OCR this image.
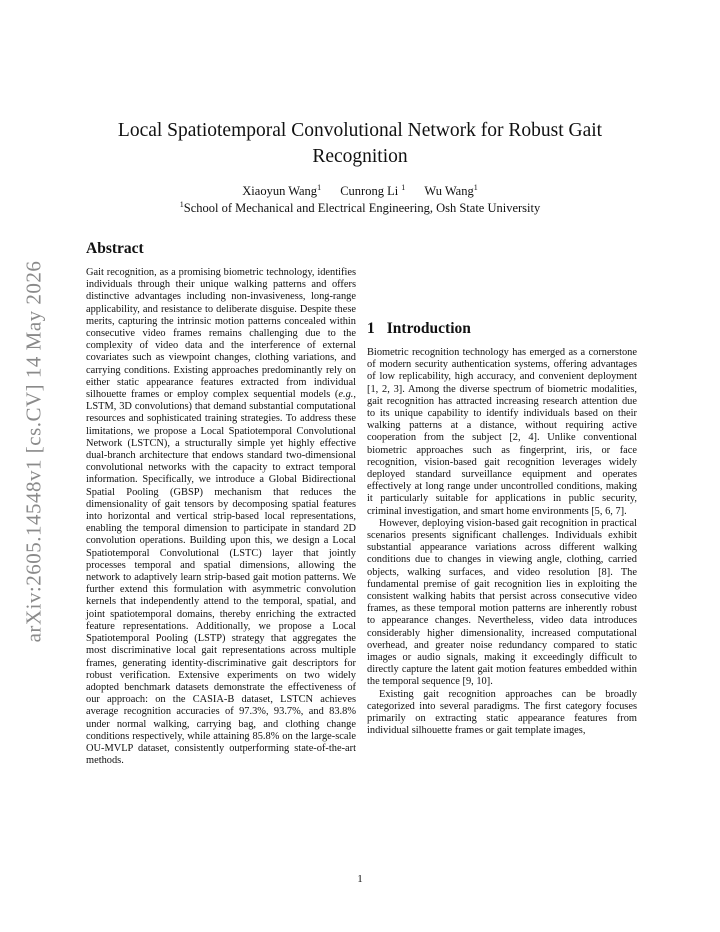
arXiv:2605.14548v1 [cs.CV] 14 May 2026
Local Spatiotemporal Convolutional Network for Robust Gait Recognition
Xiaoyun Wang$^1$ Cunrong Li $^1$ Wu Wang$^1$
$^1$School of Mechanical and Electrical Engineering, Osh State University
Abstract

Gait recognition, as a promising biometric technology, identifies individuals through their unique walking patterns and offers distinctive advantages including non-invasiveness, long-range applicability, and resistance to deliberate disguise. Despite these merits, capturing the intrinsic motion patterns concealed within consecutive video frames remains challenging due to the complexity of video data and the interference of external covariates such as viewpoint changes, clothing variations, and carrying conditions. Existing approaches predominantly rely on either static appearance features extracted from individual silhouette frames or employ complex sequential models (e.g., LSTM, 3D convolutions) that demand substantial computational resources and sophisticated training strategies. To address these limitations, we propose a Local Spatiotemporal Convolutional Network (LSTCN), a structurally simple yet highly effective dual-branch architecture that endows standard two-dimensional convolutional networks with the capacity to extract temporal information. Specifically, we introduce a Global Bidirectional Spatial Pooling (GBSP) mechanism that reduces the dimensionality of gait tensors by decomposing spatial features into horizontal and vertical strip-based local representations, enabling the temporal dimension to participate in standard 2D convolution operations. Building upon this, we design a Local Spatiotemporal Convolutional (LSTC) layer that jointly processes temporal and spatial dimensions, allowing the network to adaptively learn strip-based gait motion patterns. We further extend this formulation with asymmetric convolution kernels that independently attend to the temporal, spatial, and joint spatiotemporal domains, thereby enriching the extracted feature representations. Additionally, we propose a Local Spatiotemporal Pooling (LSTP) strategy that aggregates the most discriminative local gait representations across multiple frames, generating identity-discriminative gait descriptors for robust verification. Extensive experiments on two widely adopted benchmark datasets demonstrate the effectiveness of our approach: on the CASIA-B dataset, LSTCN achieves average recognition accuracies of 97.3%, 93.7%, and 83.8% under normal walking, carrying bag, and clothing change conditions respectively, while attaining 85.8% on the large-scale OU-MVLP dataset, consistently outperforming state-of-the-art methods.

1 Introduction

Biometric recognition technology has emerged as a cornerstone of modern security authentication systems, offering advantages of low replicability, high accuracy, and convenient deployment [1, 2, 3]. Among the diverse spectrum of biometric modalities, gait recognition has attracted increasing research attention due to its unique capability to identify individuals based on their walking patterns at a distance, without requiring active cooperation from the subject [2, 4]. Unlike conventional biometric approaches such as fingerprint, iris, or face recognition, vision-based gait recognition leverages widely deployed standard surveillance equipment and operates effectively at long range under uncontrolled conditions, making it particularly suitable for applications in public security, criminal investigation, and smart home environments [5, 6, 7].

However, deploying vision-based gait recognition in practical scenarios presents significant challenges. Individuals exhibit substantial appearance variations across different walking conditions due to changes in viewing angle, clothing, carried objects, walking surfaces, and video resolution [8]. The fundamental premise of gait recognition lies in exploiting the consistent walking habits that persist across consecutive video frames, as these temporal motion patterns are inherently robust to appearance changes. Nevertheless, video data introduces considerably higher dimensionality, increased computational overhead, and greater noise redundancy compared to static images or audio signals, making it exceedingly difficult to directly capture the latent gait motion features embedded within the temporal sequence [9, 10].

Existing gait recognition approaches can be broadly categorized into several paradigms. The first category focuses primarily on extracting static appearance features from individual silhouette frames or gait template images,

1
